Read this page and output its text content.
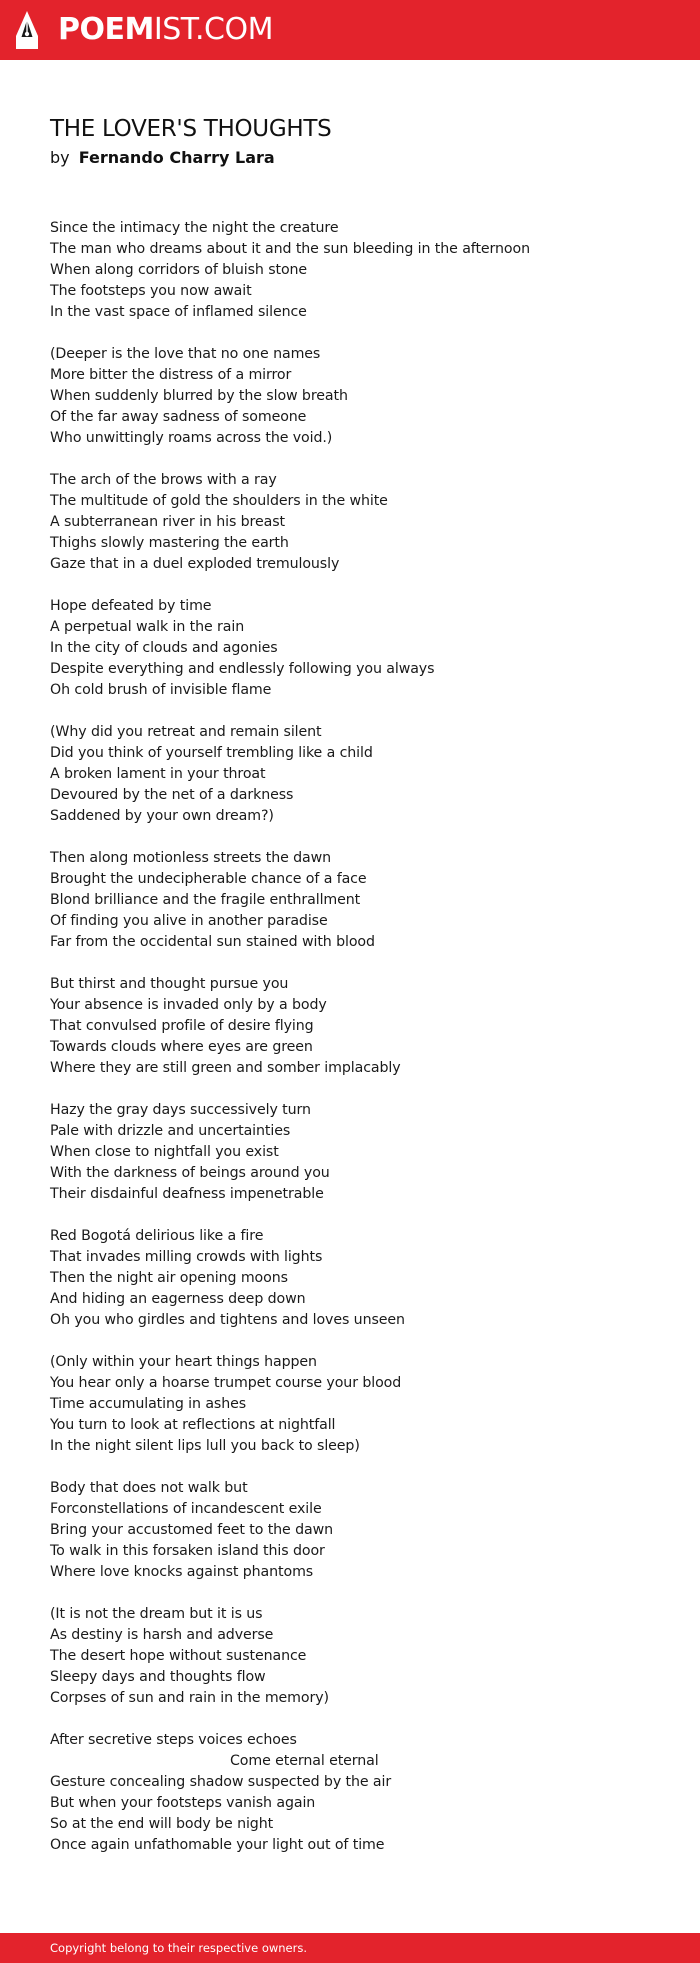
POEMIST.COM
THE LOVER'S THOUGHTS
by Fernando Charry Lara
Since the intimacy the night the creature
The man who dreams about it and the sun bleeding in the afternoon
When along corridors of bluish stone
The footsteps you now await
In the vast space of inflamed silence
(Deeper is the love that no one names
More bitter the distress of a mirror
When suddenly blurred by the slow breath
Of the far away sadness of someone
Who unwittingly roams across the void.)
The arch of the brows with a ray
The multitude of gold the shoulders in the white
A subterranean river in his breast
Thighs slowly mastering the earth
Gaze that in a duel exploded tremulously
Hope defeated by time
A perpetual walk in the rain
In the city of clouds and agonies
Despite everything and endlessly following you always
Oh cold brush of invisible flame
(Why did you retreat and remain silent
Did you think of yourself trembling like a child
A broken lament in your throat
Devoured by the net of a darkness
Saddened by your own dream?)
Then along motionless streets the dawn
Brought the undecipherable chance of a face
Blond brilliance and the fragile enthrallment
Of finding you alive in another paradise
Far from the occidental sun stained with blood
But thirst and thought pursue you
Your absence is invaded only by a body
That convulsed profile of desire flying
Towards clouds where eyes are green
Where they are still green and somber implacably
Hazy the gray days successively turn
Pale with drizzle and uncertainties
When close to nightfall you exist
With the darkness of beings around you
Their disdainful deafness impenetrable
Red Bogotá delirious like a fire
That invades milling crowds with lights
Then the night air opening moons
And hiding an eagerness deep down
Oh you who girdles and tightens and loves unseen
(Only within your heart things happen
You hear only a hoarse trumpet course your blood
Time accumulating in ashes
You turn to look at reflections at nightfall
In the night silent lips lull you back to sleep)
Body that does not walk but
Forconstellations of incandescent exile
Bring your accustomed feet to the dawn
To walk in this forsaken island this door
Where love knocks against phantoms
(It is not the dream but it is us
As destiny is harsh and adverse
The desert hope without sustenance
Sleepy days and thoughts flow
Corpses of sun and rain in the memory)
After secretive steps voices echoes
Come eternal eternal
Gesture concealing shadow suspected by the air
But when your footsteps vanish again
So at the end will body be night
Once again unfathomable your light out of time
Copyright belong to their respective owners.
